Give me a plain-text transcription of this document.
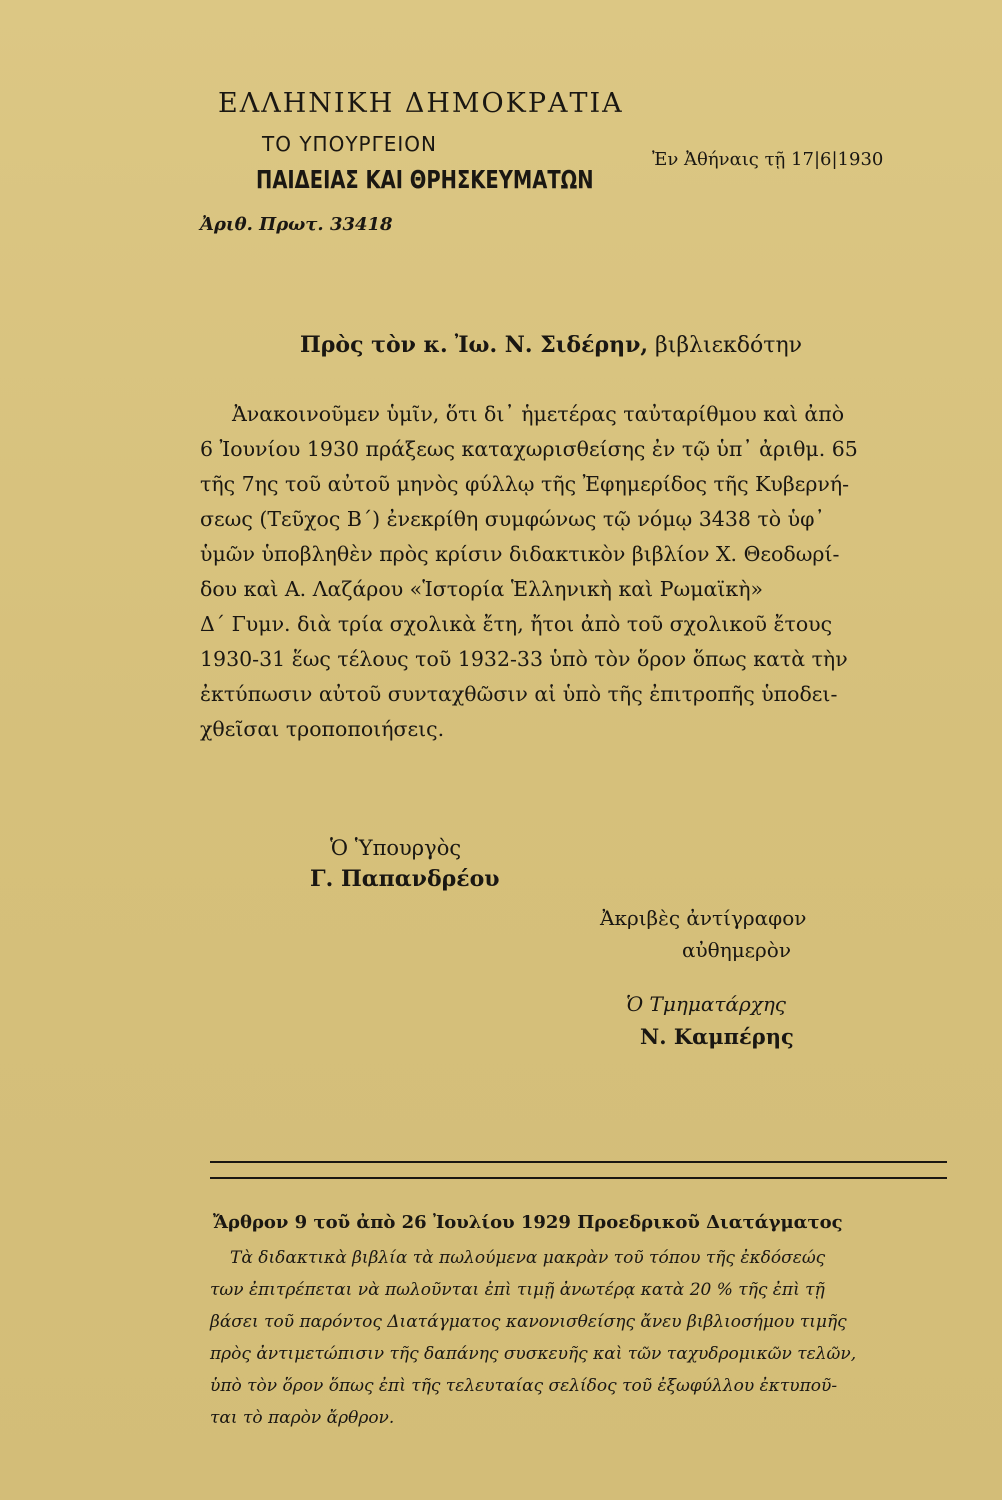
ΕΛΛΗΝΙΚΗ ΔΗΜΟΚΡΑΤΙΑ
ΤΟ ΥΠΟΥΡΓΕΙΟΝ
ΠΑΙΔΕΙΑΣ ΚΑΙ ΘΡΗΣΚΕΥΜΑΤΩΝ
Ἀριθ. Πρωτ. 33418
Ἐν Ἀθήναις τῇ 17|6|1930
Πρὸς τὸν κ. Ἰω. Ν. Σιδέρην, βιβλιεκδότην
Ἀνακοινοῦμεν ὑμῖν, ὅτι δι᾽ ἡμετέρας ταὐταρίθμου καὶ ἀπὸ
6 Ἰουνίου 1930 πράξεως καταχωρισθείσης ἐν τῷ ὑπ᾽ ἀριθμ. 65
τῆς 7ης τοῦ αὐτοῦ μηνὸς φύλλῳ τῆς Ἐφημερίδος τῆς Κυβερνή-
σεως (Τεῦχος Β΄) ἐνεκρίθη συμφώνως τῷ νόμῳ 3438 τὸ ὑφ᾽
ὑμῶν ὑποβληθὲν πρὸς κρίσιν διδακτικὸν βιβλίον Χ. Θεοδωρί-
δου καὶ Α. Λαζάρου «Ἱστορία Ἑλληνικὴ καὶ Ρωμαϊκὴ»
Δ΄ Γυμν. διὰ τρία σχολικὰ ἔτη, ἤτοι ἀπὸ τοῦ σχολικοῦ ἔτους
1930-31 ἕως τέλους τοῦ 1932-33 ὑπὸ τὸν ὅρον ὅπως κατὰ τὴν
ἐκτύπωσιν αὐτοῦ συνταχθῶσιν αἱ ὑπὸ τῆς ἐπιτροπῆς ὑποδει-
χθεῖσαι τροποποιήσεις.
Ὁ Ὑπουργὸς
Γ. Παπανδρέου
Ἀκριβὲς ἀντίγραφον
αὐθημερὸν
Ὁ Τμηματάρχης
Ν. Καμπέρης
Ἄρθρον 9 τοῦ ἀπὸ 26 Ἰουλίου 1929 Προεδρικοῦ Διατάγματος
Τὰ διδακτικὰ βιβλία τὰ πωλούμενα μακρὰν τοῦ τόπου τῆς ἐκδόσεώς
των ἐπιτρέπεται νὰ πωλοῦνται ἐπὶ τιμῇ ἀνωτέρᾳ κατὰ 20 % τῆς ἐπὶ τῇ
βάσει τοῦ παρόντος Διατάγματος κανονισθείσης ἄνευ βιβλιοσήμου τιμῆς
πρὸς ἀντιμετώπισιν τῆς δαπάνης συσκευῆς καὶ τῶν ταχυδρομικῶν τελῶν,
ὑπὸ τὸν ὅρον ὅπως ἐπὶ τῆς τελευταίας σελίδος τοῦ ἐξωφύλλου ἐκτυποῦ-
ται τὸ παρὸν ἄρθρον.
